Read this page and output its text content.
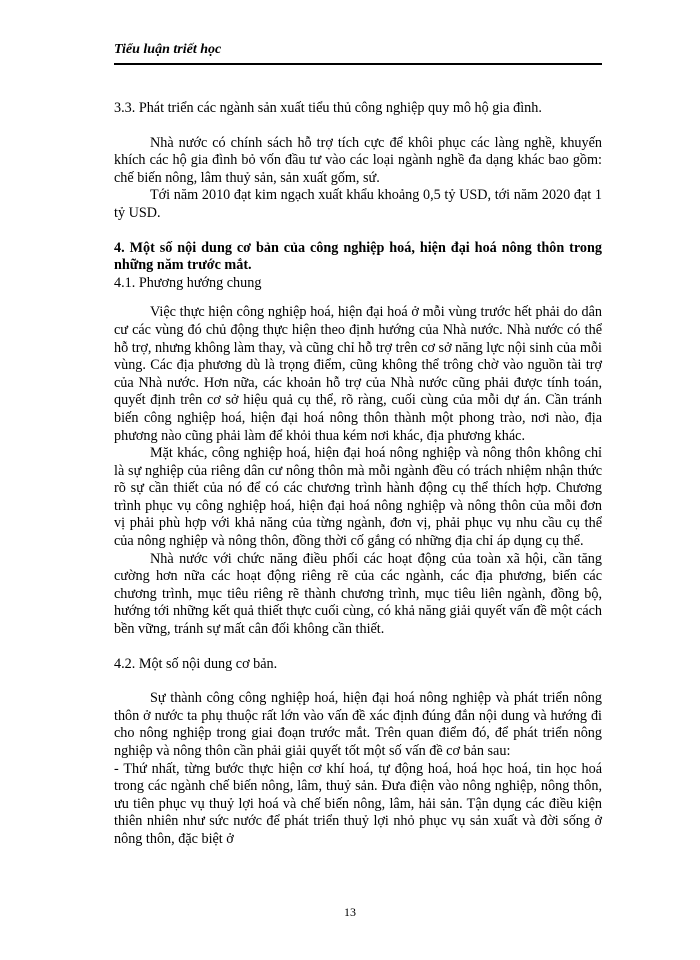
Tiểu luận triết học

3.3. Phát triển các ngành sản xuất tiểu thủ công nghiệp quy mô hộ gia đình.

Nhà nước có chính sách hỗ trợ tích cực để khôi phục các làng nghề, khuyến khích các hộ gia đình bỏ vốn đầu tư vào các loại ngành nghề đa dạng khác bao gồm: chế biến nông, lâm thuỷ sản, sản xuất gốm, sứ.

Tới năm 2010 đạt kim ngạch xuất khẩu khoảng 0,5 tỷ USD, tới năm 2020 đạt 1 tỷ USD.

4. Một số nội dung cơ bản của công nghiệp hoá, hiện đại hoá nông thôn trong những năm trước mắt.

4.1. Phương hướng chung

Việc thực hiện công nghiệp hoá, hiện đại hoá ở mỗi vùng trước hết phải do dân cư các vùng đó chủ động thực hiện theo định hướng của Nhà nước. Nhà nước có thể hỗ trợ, nhưng không làm thay, và cũng chỉ hỗ trợ trên cơ sở năng lực nội sinh của mỗi vùng. Các địa phương dù là trọng điểm, cũng không thể trông chờ vào nguồn tài trợ của Nhà nước. Hơn nữa, các khoản hỗ trợ của Nhà nước cũng phải được tính toán, quyết định trên cơ sở hiệu quả cụ thể, rõ ràng, cuối cùng của mỗi dự án. Cần tránh biến công nghiệp hoá, hiện đại hoá nông thôn thành một phong trào, nơi nào, địa phương nào cũng phải làm để khỏi thua kém nơi khác, địa phương khác.

Mặt khác, công nghiệp hoá, hiện đại hoá nông nghiệp và nông thôn không chỉ là sự nghiệp của riêng dân cư nông thôn mà mỗi ngành đều có trách nhiệm nhận thức rõ sự cần thiết của nó để có các chương trình hành động cụ thể thích hợp. Chương trình phục vụ công nghiệp hoá, hiện đại hoá nông nghiệp và nông thôn của mỗi đơn vị phải phù hợp với khả năng của từng ngành, đơn vị, phải phục vụ nhu cầu cụ thể của nông nghiệp và nông thôn, đồng thời cố gắng có những địa chỉ áp dụng cụ thể.

Nhà nước với chức năng điều phối các hoạt động của toàn xã hội, cần tăng cường hơn nữa các hoạt động riêng rẽ của các ngành, các địa phương, biến các chương trình, mục tiêu riêng rẽ thành chương trình, mục tiêu liên ngành, đồng bộ, hướng tới những kết quả thiết thực cuối cùng, có khả năng giải quyết vấn đề một cách bền vững, tránh sự mất cân đối không cần thiết.

4.2. Một số nội dung cơ bản.

Sự thành công công nghiệp hoá, hiện đại hoá nông nghiệp và phát triển nông thôn ở nước ta phụ thuộc rất lớn vào vấn đề xác định đúng đắn nội dung và hướng đi cho nông nghiệp trong giai đoạn trước mắt. Trên quan điểm đó, để phát triển nông nghiệp và nông thôn cần phải giải quyết tốt một số vấn đề cơ bản sau:

- Thứ nhất, từng bước thực hiện cơ khí hoá, tự động hoá, hoá học hoá, tin học hoá trong các ngành chế biến nông, lâm, thuỷ sản. Đưa điện vào nông nghiệp, nông thôn, ưu tiên phục vụ thuỷ lợi hoá và chế biến nông, lâm, hải sản. Tận dụng các điều kiện thiên nhiên như sức nước để phát triển thuỷ lợi nhỏ phục vụ sản xuất và đời sống ở nông thôn, đặc biệt ở

13
